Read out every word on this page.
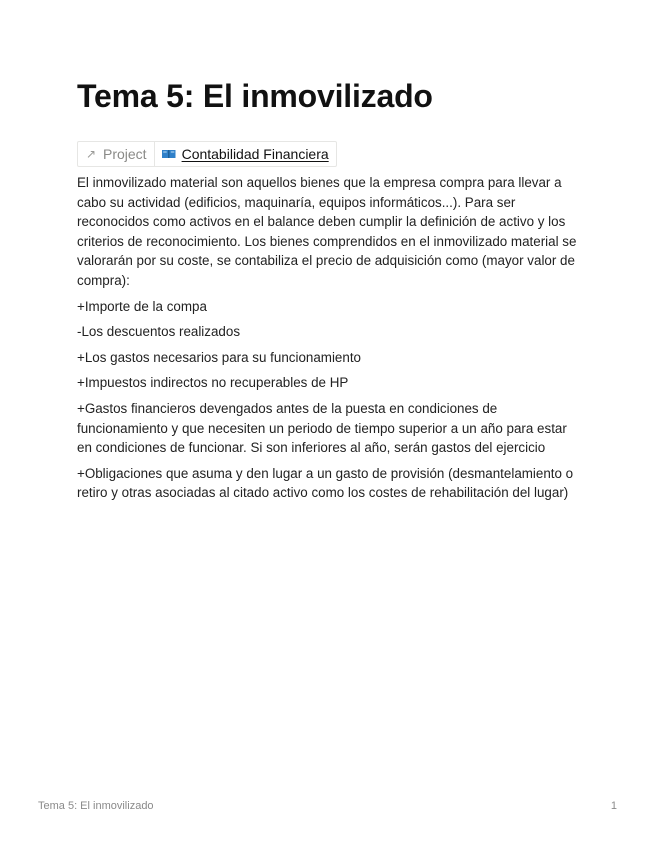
Tema 5: El inmovilizado
↗ Project	Contabilidad Financiera

El inmovilizado material son aquellos bienes que la empresa compra para llevar a cabo su actividad (edificios, maquinaría, equipos informáticos...). Para ser reconocidos como activos en el balance deben cumplir la definición de activo y los criterios de reconocimiento. Los bienes comprendidos en el inmovilizado material se valorarán por su coste, se contabiliza el precio de adquisición como (mayor valor de compra):

+Importe de la compa

-Los descuentos realizados

+Los gastos necesarios para su funcionamiento

+Impuestos indirectos no recuperables de HP

+Gastos financieros devengados antes de la puesta en condiciones de funcionamiento y que necesiten un periodo de tiempo superior a un año para estar en condiciones de funcionar. Si son inferiores al año, serán gastos del ejercicio

+Obligaciones que asuma y den lugar a un gasto de provisión (desmantelamiento o retiro y otras asociadas al citado activo como los costes de rehabilitación del lugar)

Tema 5: El inmovilizado	1
